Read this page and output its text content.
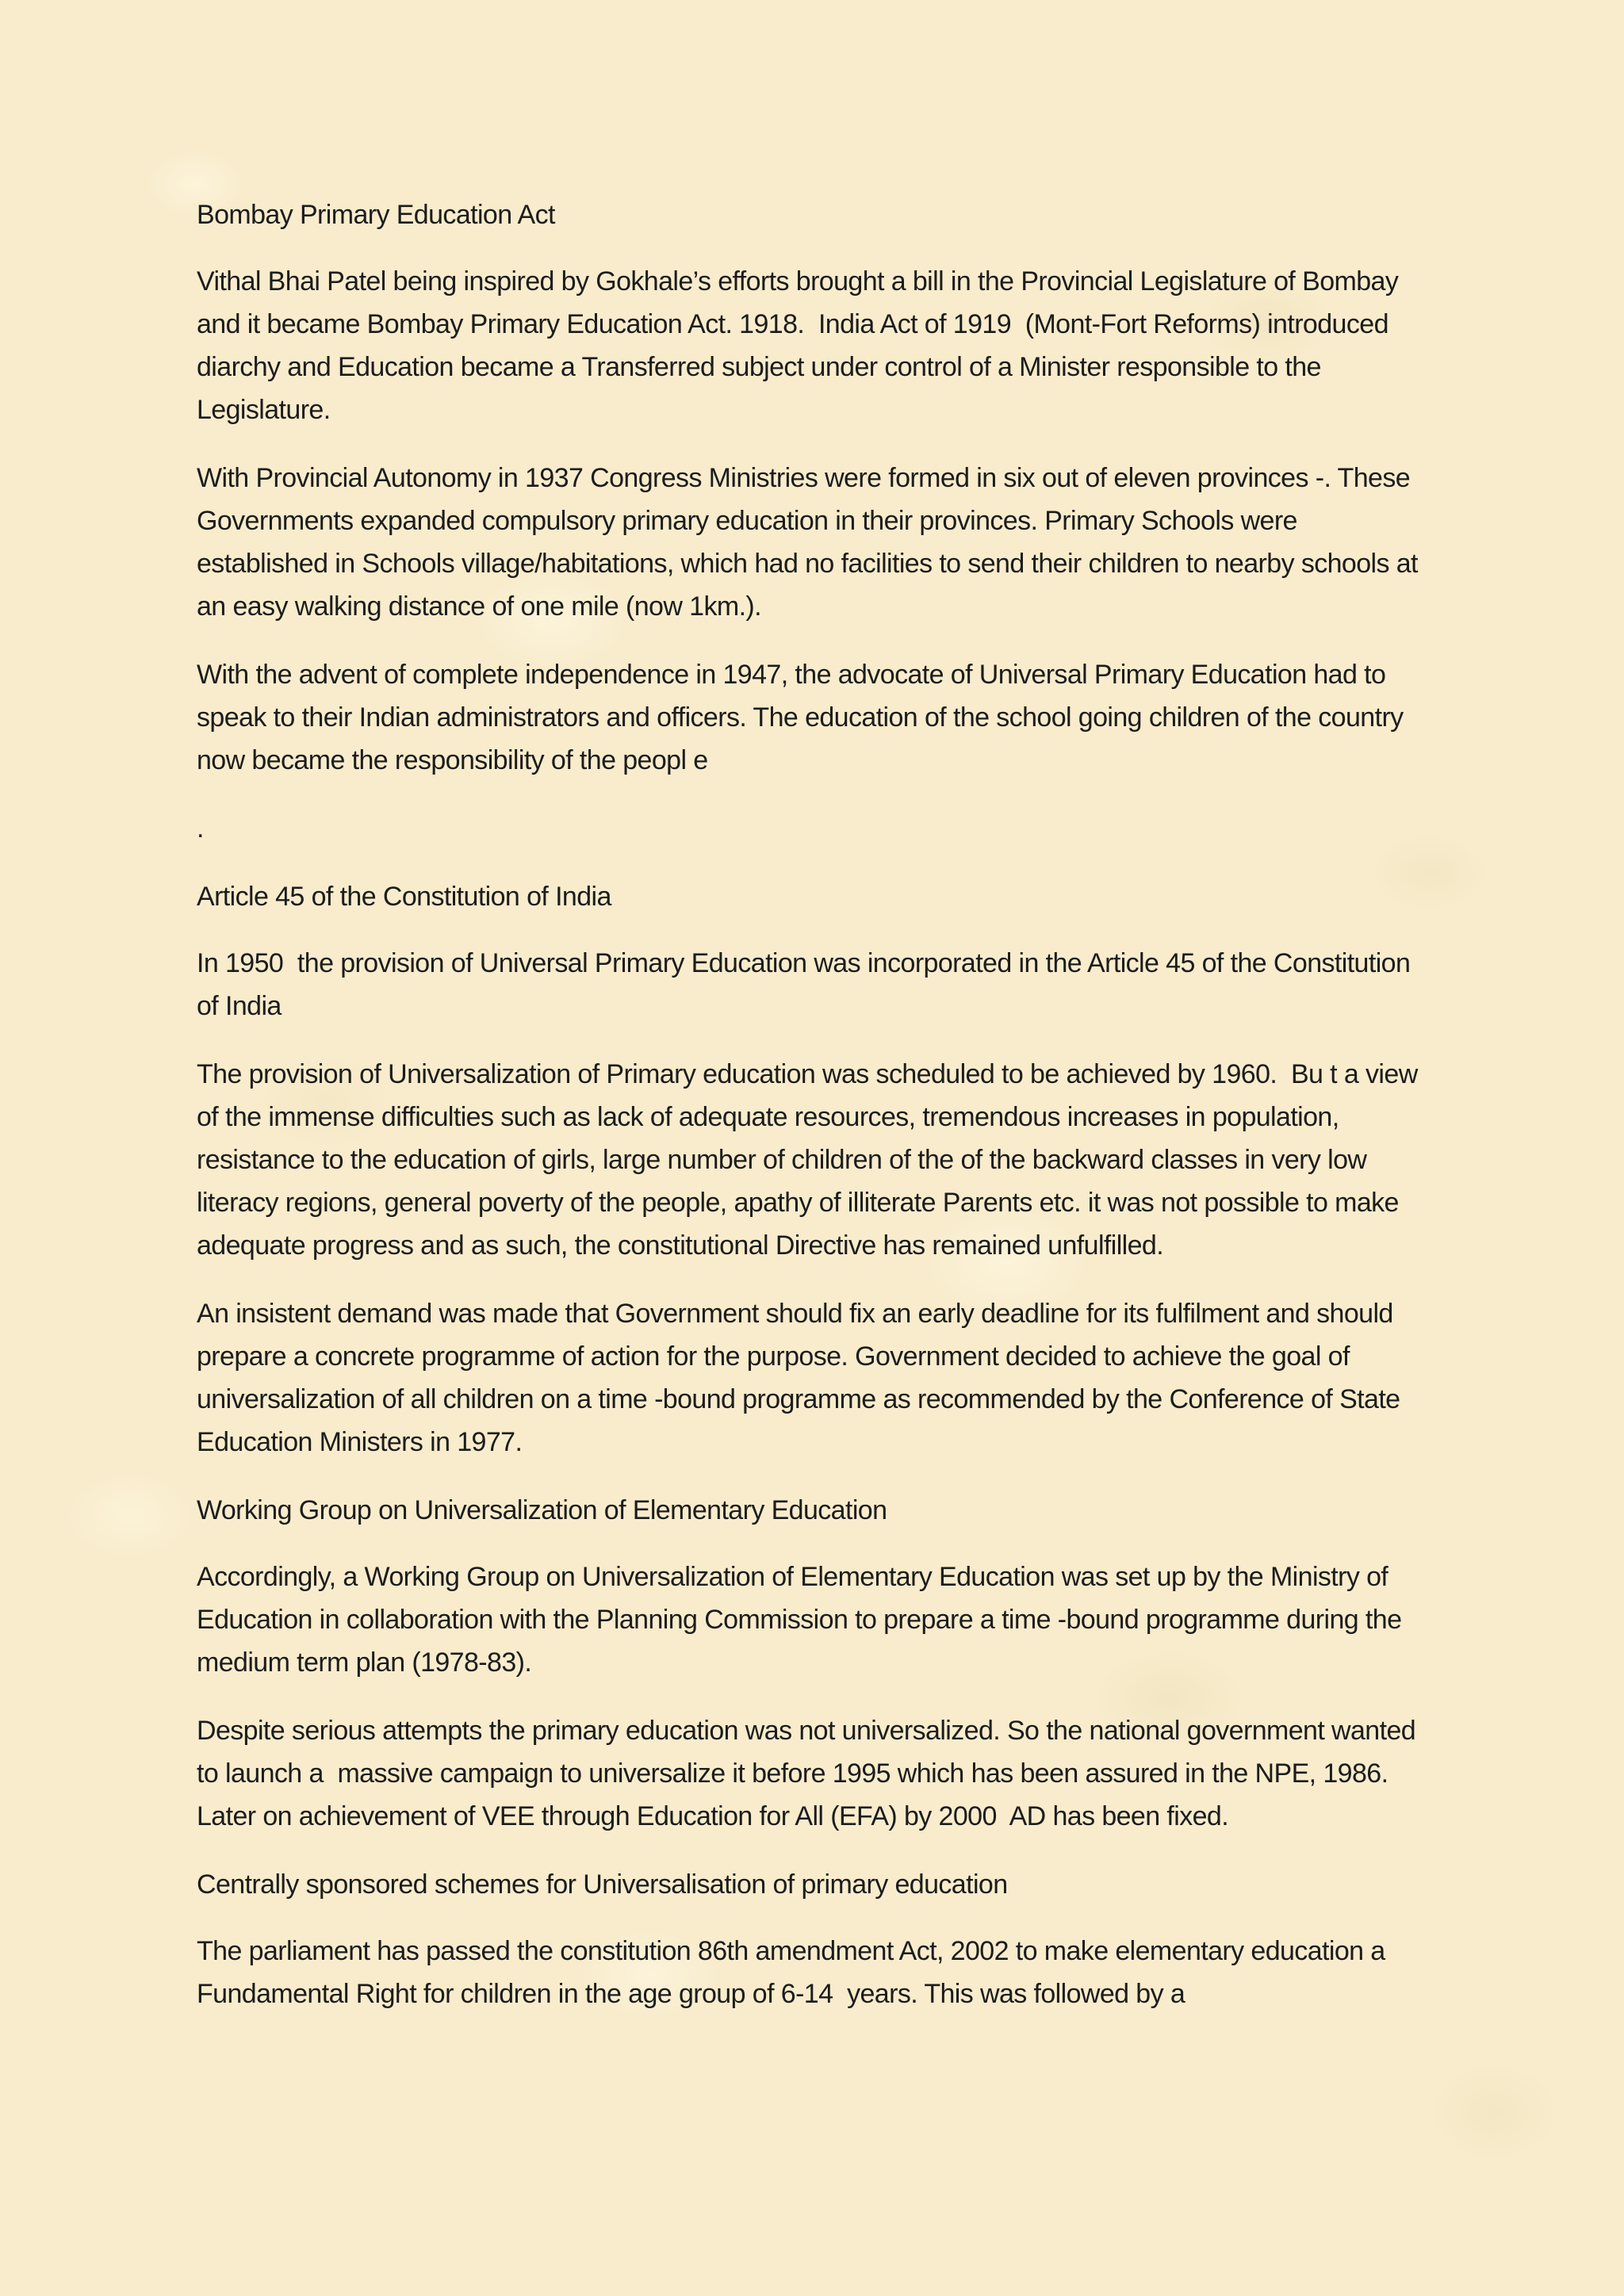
Bombay Primary Education Act

Vithal Bhai Patel being inspired by Gokhale’s efforts brought a bill in the Provincial Legislature of Bombay and it became Bombay Primary Education Act. 1918.  India Act of 1919  (Mont-Fort Reforms) introduced diarchy and Education became a Transferred subject under control of a Minister responsible to the Legislature.

With Provincial Autonomy in 1937 Congress Ministries were formed in six out of eleven provinces -. These Governments expanded compulsory primary education in their provinces. Primary Schools were established in Schools village/habitations, which had no facilities to send their children to nearby schools at an easy walking distance of one mile (now 1km.).

With the advent of complete independence in 1947, the advocate of Universal Primary Education had to speak to their Indian administrators and officers. The education of the school going children of the country now became the responsibility of the peopl e

.

Article 45 of the Constitution of India

In 1950  the provision of Universal Primary Education was incorporated in the Article 45 of the Constitution of India

The provision of Universalization of Primary education was scheduled to be achieved by 1960.  Bu t a view of the immense difficulties such as lack of adequate resources, tremendous increases in population, resistance to the education of girls, large number of children of the of the backward classes in very low literacy regions, general poverty of the people, apathy of illiterate Parents etc. it was not possible to make adequate progress and as such, the constitutional Directive has remained unfulfilled.

An insistent demand was made that Government should fix an early deadline for its fulfilment and should prepare a concrete programme of action for the purpose. Government decided to achieve the goal of universalization of all children on a time -bound programme as recommended by the Conference of State Education Ministers in 1977.

Working Group on Universalization of Elementary Education

Accordingly, a Working Group on Universalization of Elementary Education was set up by the Ministry of Education in collaboration with the Planning Commission to prepare a time -bound programme during the medium term plan (1978-83).

Despite serious attempts the primary education was not universalized. So the national government wanted to launch a  massive campaign to universalize it before 1995 which has been assured in the NPE, 1986.  Later on achievement of VEE through Education for All (EFA) by 2000  AD has been fixed.

Centrally sponsored schemes for Universalisation of primary education

The parliament has passed the constitution 86th amendment Act, 2002 to make elementary education a Fundamental Right for children in the age group of 6-14  years. This was followed by a
